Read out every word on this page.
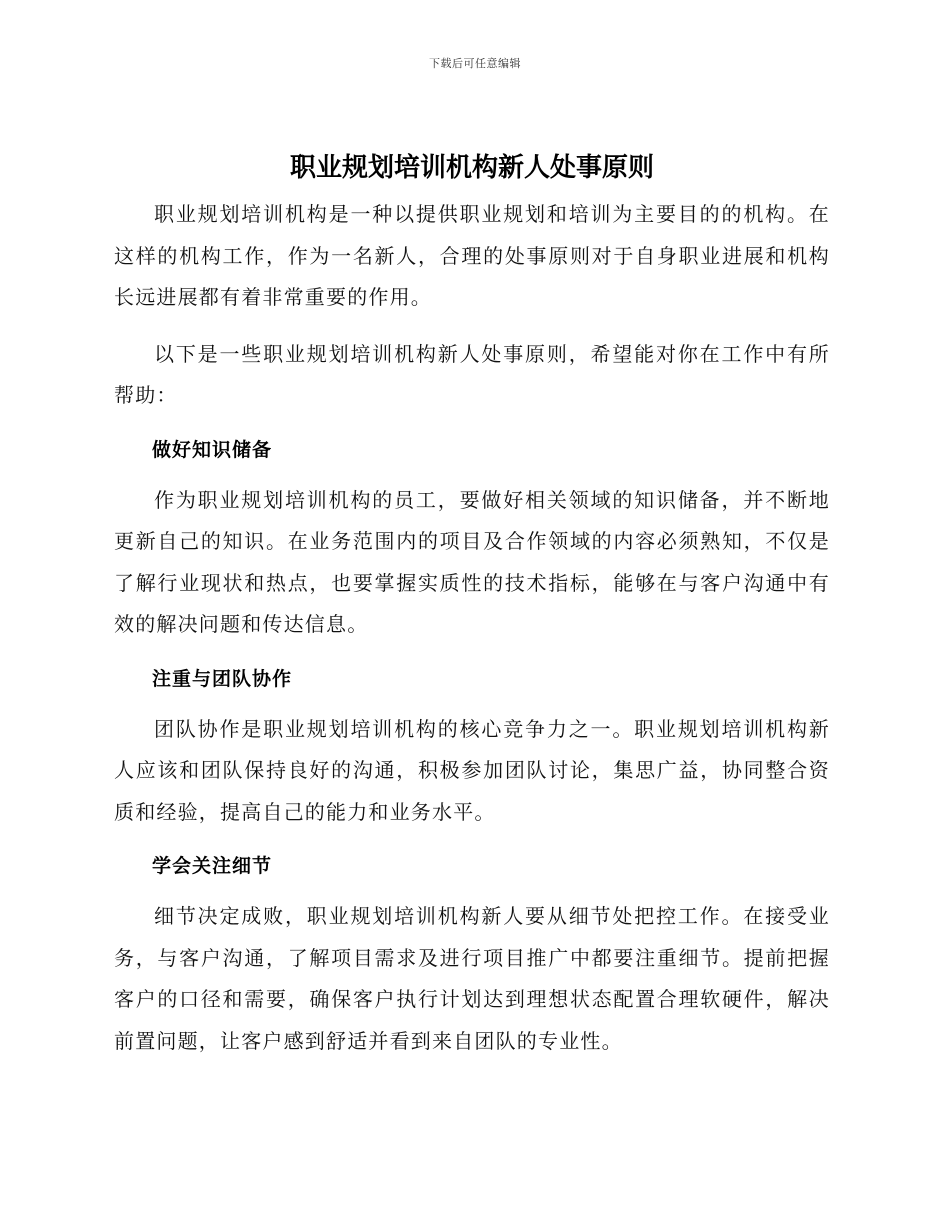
下载后可任意编辑
职业规划培训机构新人处事原则

职业规划培训机构是一种以提供职业规划和培训为主要目的的机构。在这样的机构工作，作为一名新人，合理的处事原则对于自身职业进展和机构长远进展都有着非常重要的作用。

以下是一些职业规划培训机构新人处事原则，希望能对你在工作中有所帮助：

做好知识储备

作为职业规划培训机构的员工，要做好相关领域的知识储备，并不断地更新自己的知识。在业务范围内的项目及合作领域的内容必须熟知，不仅是了解行业现状和热点，也要掌握实质性的技术指标，能够在与客户沟通中有效的解决问题和传达信息。

注重与团队协作

团队协作是职业规划培训机构的核心竞争力之一。职业规划培训机构新人应该和团队保持良好的沟通，积极参加团队讨论，集思广益，协同整合资质和经验，提高自己的能力和业务水平。

学会关注细节

细节决定成败，职业规划培训机构新人要从细节处把控工作。在接受业务，与客户沟通，了解项目需求及进行项目推广中都要注重细节。提前把握客户的口径和需要，确保客户执行计划达到理想状态配置合理软硬件，解决前置问题，让客户感到舒适并看到来自团队的专业性。
